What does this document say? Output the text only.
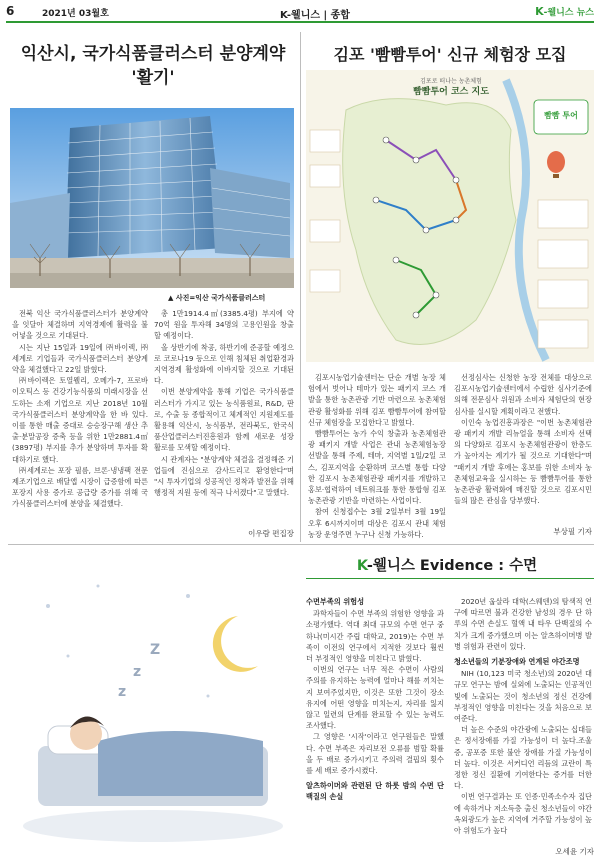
6	2021년 03월호	K-웰니스 | 종합	K-웰니스 뉴스
익산시, 국가식품클러스터 분양계약
'활기'
▲ 사진=익산 국가식품클러스터

전북 익산 국가식품클러스터가 분양계약을 잇달아 체결하며 지역경제에 활력을 불어넣을 것으로 기대된다.

시는 지난 15일과 19일에 ㈜바이렉, ㈜세계로 기업들과 국가식품클러스터 분양계약을 체결했다고 22일 밝혔다.

㈜바이렉은 토열웰리, 오메가-7, 프로바이오틱스 등 건강기능식품의 미래시장을 선도하는 소재 기업으로 지난 2018년 10월 국가식품클러스터 분양계약을 한 바 있다. 이를 통한 매출 증대로 승승장구해 생산 추출·분말공장 증축 등을 위한 1만2881.4㎡ (3897평) 부지를 추가 분양하며 투자를 확대하기로 했다.

㈜세계로는 포장 필름, 브론·냉냉팩 전문 제조기업으로 배달앱 시장이 급증함에 따른 포장지 사용 증가로 공급량 증가를 위해 국가식품클러스터에 분양을 체결했다.

총 1만1914.4㎡(3385.4평) 부지에 약 70억 원을 투자해 34명의 고용인원을 창출할 예정이다.

올 상반기에 착공, 하반기에 준공할 예정으로 코로나19 등으로 인해 침체된 취업환경과 지역경제 활성화에 이바지할 것으로 기대된다.

이번 분양계약을 통해 기업은 국가식품클러스터가 가지고 있는 농식품원료, R&D, 판로, 수출 등 종합적이고 체계적인 지원제도를 활용해 익산시, 농식품부, 전라북도, 한국식품산업클러스터진흥원과 함께 새로운 성장 활로를 모색할 예정이다.

시 관계자는 "분양계약 체결을 결정해준 기업들에 진심으로 감사드리고 환영한다"며 "시 투자기업의 성공적인 정착과 발전을 위해 행정적 지원 등에 적극 나서겠다"고 말했다.

이우람 편집장
김포 '빰빰투어' 신규 체험장 모집
김포로 떠나는 농촌체험
빰빰투어 코스 지도
빰빰 투어

김포시농업기술센터는 단순 개별 농장 체험에서 벗어나 테마가 있는 패키지 코스 개발을 통한 농촌관광 기반 마련으로 농촌체험관광 활성화를 위해 김포 빰빰투어에 참여할 신규 체험장을 모집한다고 밝혔다.

빰빰투어는 농가 수익 창출과 농촌체험관광 패키지 개발 사업은 관내 농촌체험농장 선발을 통해 주제, 테마, 지역별 1일/2일 코스, 김포지역을 순환하며 코스별 통합 다양한 김포시 농촌체험관광 패키지를 개발하고 홍보·협력하여 네트워크를 통한 통합형 김포 농촌관광 기반을 마련하는 사업이다.

참여 신청접수는 3월 2일부터 3월 19일 오후 6시까지이며 대상은 김포시 관내 체험농장 운영주면 누구나 신청 가능하다.

선정심사는 신청한 농장 전체를 대상으로 김포시농업기술센터에서 수립한 심사기준에 의해 전문심사 위원과 소비자 체험단의 현장 심사를 실시할 계획이라고 전했다.

이인숙 농업진흥과장은 "이번 농촌체험관광 패키지 개발 리뉴얼을 통해 소비자 선택의 다양화로 김포시 농촌체험관광이 한층도가 높아지는 계기가 될 것으로 기대한다"며 "패키지 개발 후에는 홍보를 위한 소비자 농촌체험교육을 실시하는 등 빰빰투어를 통한 농촌관광 활력화에 매진할 것으로 김포시민들의 많은 관심을 당부했다.

부상필 기자
z
z
Z
K-웰니스 Evidence : 수면
수면부족의 위험성

과학자들이 수면 부족의 위험한 영향을 과소평가했다. 역대 최대 규모의 수면 연구 중 하나(미시간 주립 대학교, 2019)는 수면 부족이 이전의 연구에서 지적한 것보다 훨씬 더 부정적인 영향을 미친다고 밝혔다.

이번의 연구는 너무 적은 수면이 사람의 주의를 유지하는 능력에 얼마나 해를 끼치는지 보여주었지만, 이것은 또한 그것이 장소 유지에 어떤 영향을 미치는지, 자리를 잃지 않고 일련의 단계를 완료할 수 있는 능력도 조사했다.

그 영향은 '시작'이라고 연구원들은 말했다. 수면 부족은 자리보전 오류를 범할 확률을 두 배로 증가시키고 주의력 결핍의 횟수를 세 배로 증가시켰다.

알츠하이머와 관련된 단 하룻 밤의 수면 단백질의 손실

2020년 웁살라 대학(스웨덴)의 탐색적 연구에 따르면 불과 건강한 남성의 경우 단 하루의 수면 손실도 혈액 내 타우 단백질의 수치가 크게 증가했으며 이는 알츠하이머병 발병 위험과 관련이 있다.

청소년들의 기분장애와 연계된 야간조명

NIH (10,123 미국 청소년)의 2020년 대규모 연구는 밤에 실외에 노출되는 인공적인 빛에 노출되는 것이 청소년의 정신 건강에 부정적인 영향을 미친다는 것을 처음으로 보여준다.

더 높은 수준의 야간광에 노출되는 십대들은 정서장애를 가질 가능성이 더 높다.조울증, 공포증 또한 불안 장애를 가질 가능성이 더 높다. 이것은 서커디언 리듬의 교란이 특정한 정신 질환에 기여한다는 증거를 더한다.

이번 연구결과는 또 인종·민족소수자 집단에 속하거나 저소득층 출신 청소년들이 야간 옥외광도가 높은 지역에 거주할 가능성이 높아 위험도가 높다

오세윤 기자
